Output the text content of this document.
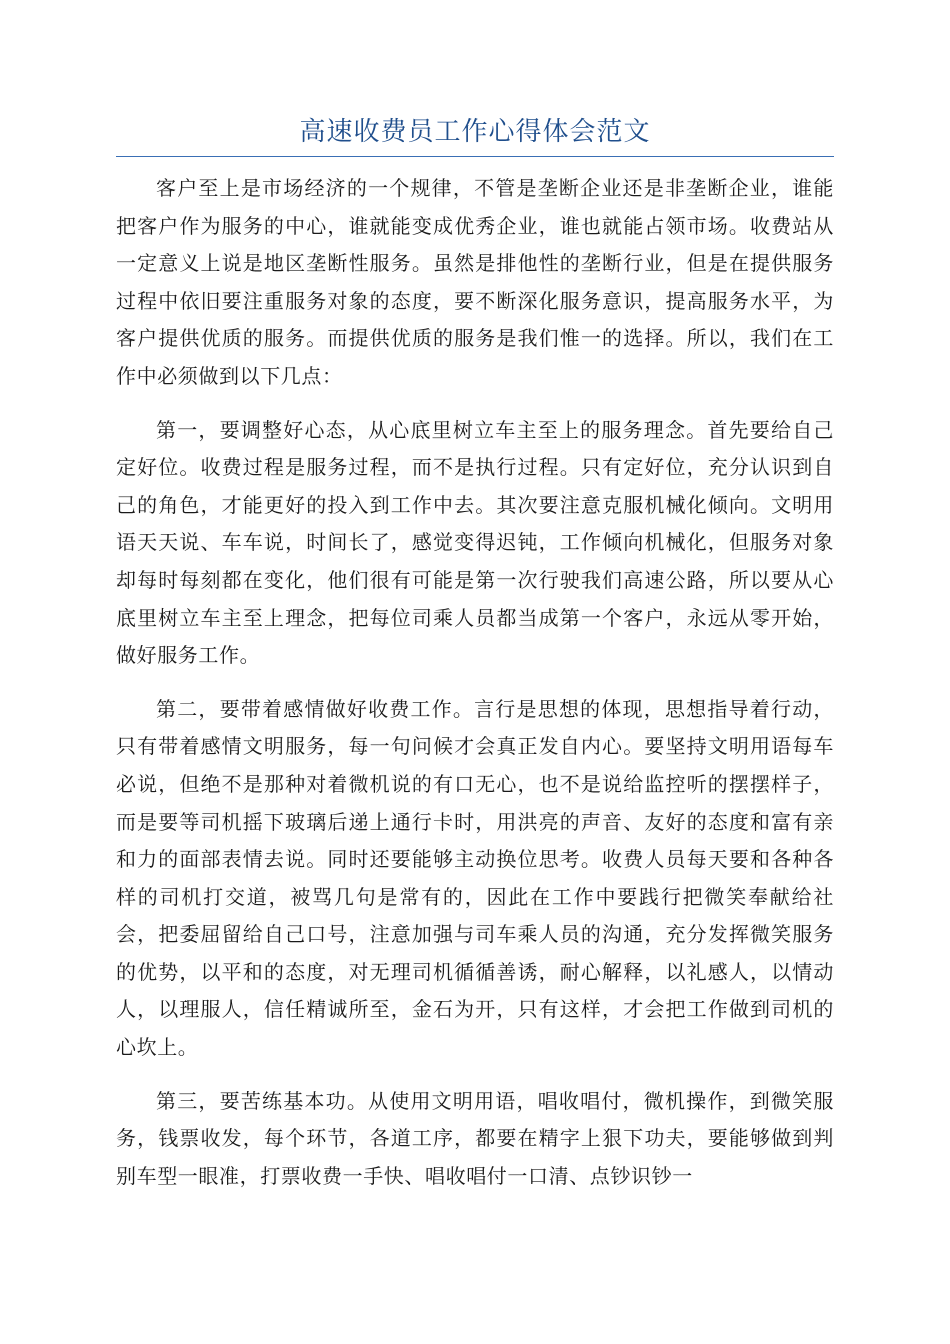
高速收费员工作心得体会范文

客户至上是市场经济的一个规律，不管是垄断企业还是非垄断企业，谁能把客户作为服务的中心，谁就能变成优秀企业，谁也就能占领市场。收费站从一定意义上说是地区垄断性服务。虽然是排他性的垄断行业，但是在提供服务过程中依旧要注重服务对象的态度，要不断深化服务意识，提高服务水平，为客户提供优质的服务。而提供优质的服务是我们惟一的选择。所以，我们在工作中必须做到以下几点：

第一，要调整好心态，从心底里树立车主至上的服务理念。首先要给自己定好位。收费过程是服务过程，而不是执行过程。只有定好位，充分认识到自己的角色，才能更好的投入到工作中去。其次要注意克服机械化倾向。文明用语天天说、车车说，时间长了，感觉变得迟钝，工作倾向机械化，但服务对象却每时每刻都在变化，他们很有可能是第一次行驶我们高速公路，所以要从心底里树立车主至上理念，把每位司乘人员都当成第一个客户，永远从零开始，做好服务工作。

第二，要带着感情做好收费工作。言行是思想的体现，思想指导着行动，只有带着感情文明服务，每一句问候才会真正发自内心。要坚持文明用语每车必说，但绝不是那种对着微机说的有口无心，也不是说给监控听的摆摆样子，而是要等司机摇下玻璃后递上通行卡时，用洪亮的声音、友好的态度和富有亲和力的面部表情去说。同时还要能够主动换位思考。收费人员每天要和各种各样的司机打交道，被骂几句是常有的，因此在工作中要践行把微笑奉献给社会，把委屈留给自己口号，注意加强与司车乘人员的沟通，充分发挥微笑服务的优势，以平和的态度，对无理司机循循善诱，耐心解释，以礼感人，以情动人，以理服人，信任精诚所至，金石为开，只有这样，才会把工作做到司机的心坎上。

第三，要苦练基本功。从使用文明用语，唱收唱付，微机操作，到微笑服务，钱票收发，每个环节，各道工序，都要在精字上狠下功夫，要能够做到判别车型一眼准，打票收费一手快、唱收唱付一口清、点钞识钞一
